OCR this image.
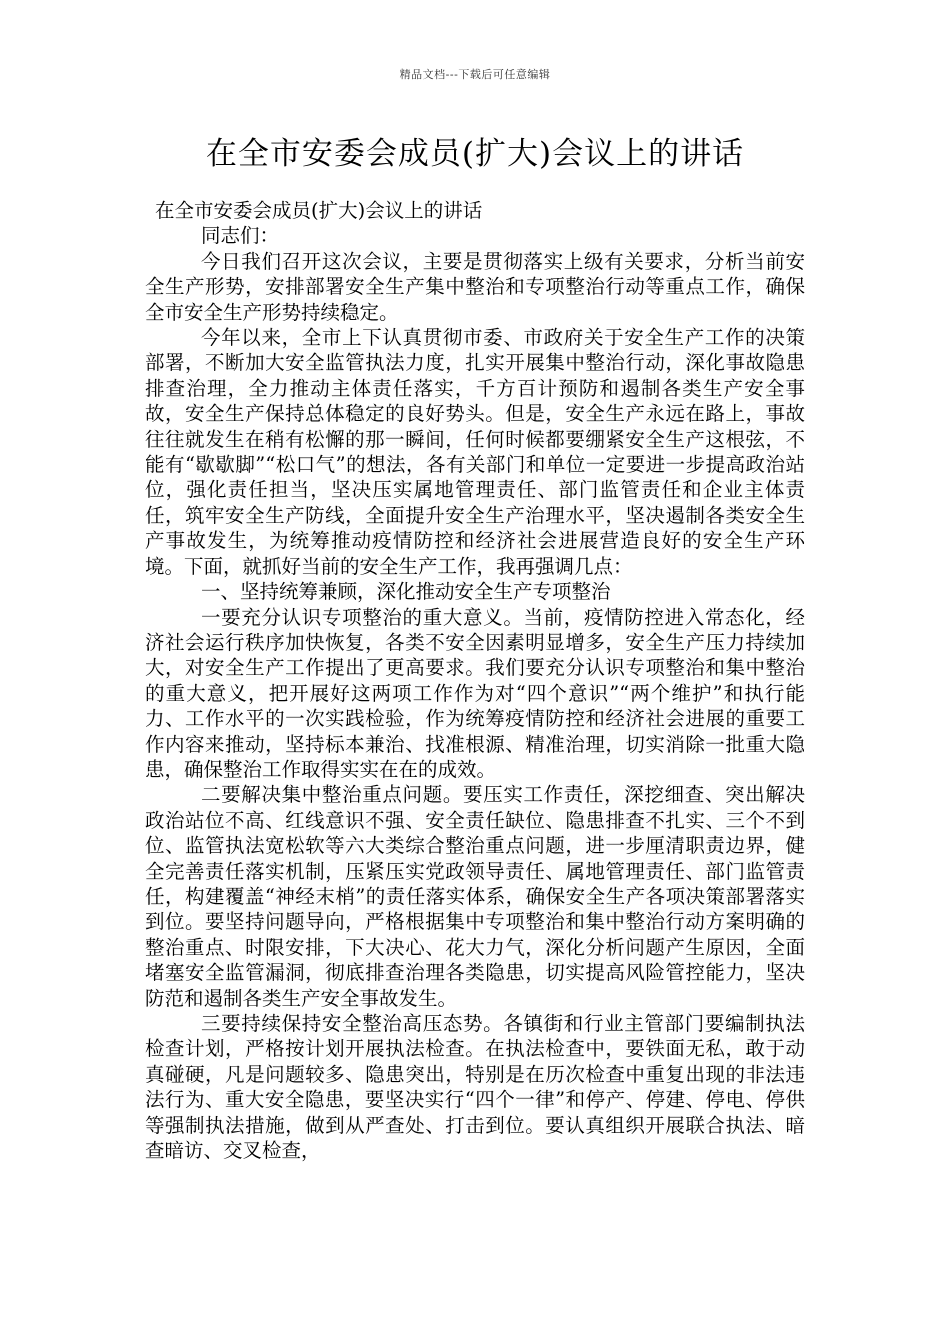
精品文档---下载后可任意编辑
在全市安委会成员(扩大)会议上的讲话

在全市安委会成员(扩大)会议上的讲话

同志们：

今日我们召开这次会议，主要是贯彻落实上级有关要求，分析当前安全生产形势，安排部署安全生产集中整治和专项整治行动等重点工作，确保全市安全生产形势持续稳定。

今年以来，全市上下认真贯彻市委、市政府关于安全生产工作的决策部署，不断加大安全监管执法力度，扎实开展集中整治行动，深化事故隐患排查治理，全力推动主体责任落实，千方百计预防和遏制各类生产安全事故，安全生产保持总体稳定的良好势头。但是，安全生产永远在路上，事故往往就发生在稍有松懈的那一瞬间，任何时候都要绷紧安全生产这根弦，不能有“歇歇脚”“松口气”的想法，各有关部门和单位一定要进一步提高政治站位，强化责任担当，坚决压实属地管理责任、部门监管责任和企业主体责任，筑牢安全生产防线，全面提升安全生产治理水平，坚决遏制各类安全生产事故发生，为统筹推动疫情防控和经济社会进展营造良好的安全生产环境。下面，就抓好当前的安全生产工作，我再强调几点：

一、坚持统筹兼顾，深化推动安全生产专项整治

一要充分认识专项整治的重大意义。当前，疫情防控进入常态化，经济社会运行秩序加快恢复，各类不安全因素明显增多，安全生产压力持续加大，对安全生产工作提出了更高要求。我们要充分认识专项整治和集中整治的重大意义，把开展好这两项工作作为对“四个意识”“两个维护”和执行能力、工作水平的一次实践检验，作为统筹疫情防控和经济社会进展的重要工作内容来推动，坚持标本兼治、找准根源、精准治理，切实消除一批重大隐患，确保整治工作取得实实在在的成效。

二要解决集中整治重点问题。要压实工作责任，深挖细查、突出解决政治站位不高、红线意识不强、安全责任缺位、隐患排查不扎实、三个不到位、监管执法宽松软等六大类综合整治重点问题，进一步厘清职责边界，健全完善责任落实机制，压紧压实党政领导责任、属地管理责任、部门监管责任，构建覆盖“神经末梢”的责任落实体系，确保安全生产各项决策部署落实到位。要坚持问题导向，严格根据集中专项整治和集中整治行动方案明确的整治重点、时限安排，下大决心、花大力气，深化分析问题产生原因，全面堵塞安全监管漏洞，彻底排查治理各类隐患，切实提高风险管控能力，坚决防范和遏制各类生产安全事故发生。

三要持续保持安全整治高压态势。各镇街和行业主管部门要编制执法检查计划，严格按计划开展执法检查。在执法检查中，要铁面无私，敢于动真碰硬，凡是问题较多、隐患突出，特别是在历次检查中重复出现的非法违法行为、重大安全隐患，要坚决实行“四个一律”和停产、停建、停电、停供等强制执法措施，做到从严查处、打击到位。要认真组织开展联合执法、暗查暗访、交叉检查，
